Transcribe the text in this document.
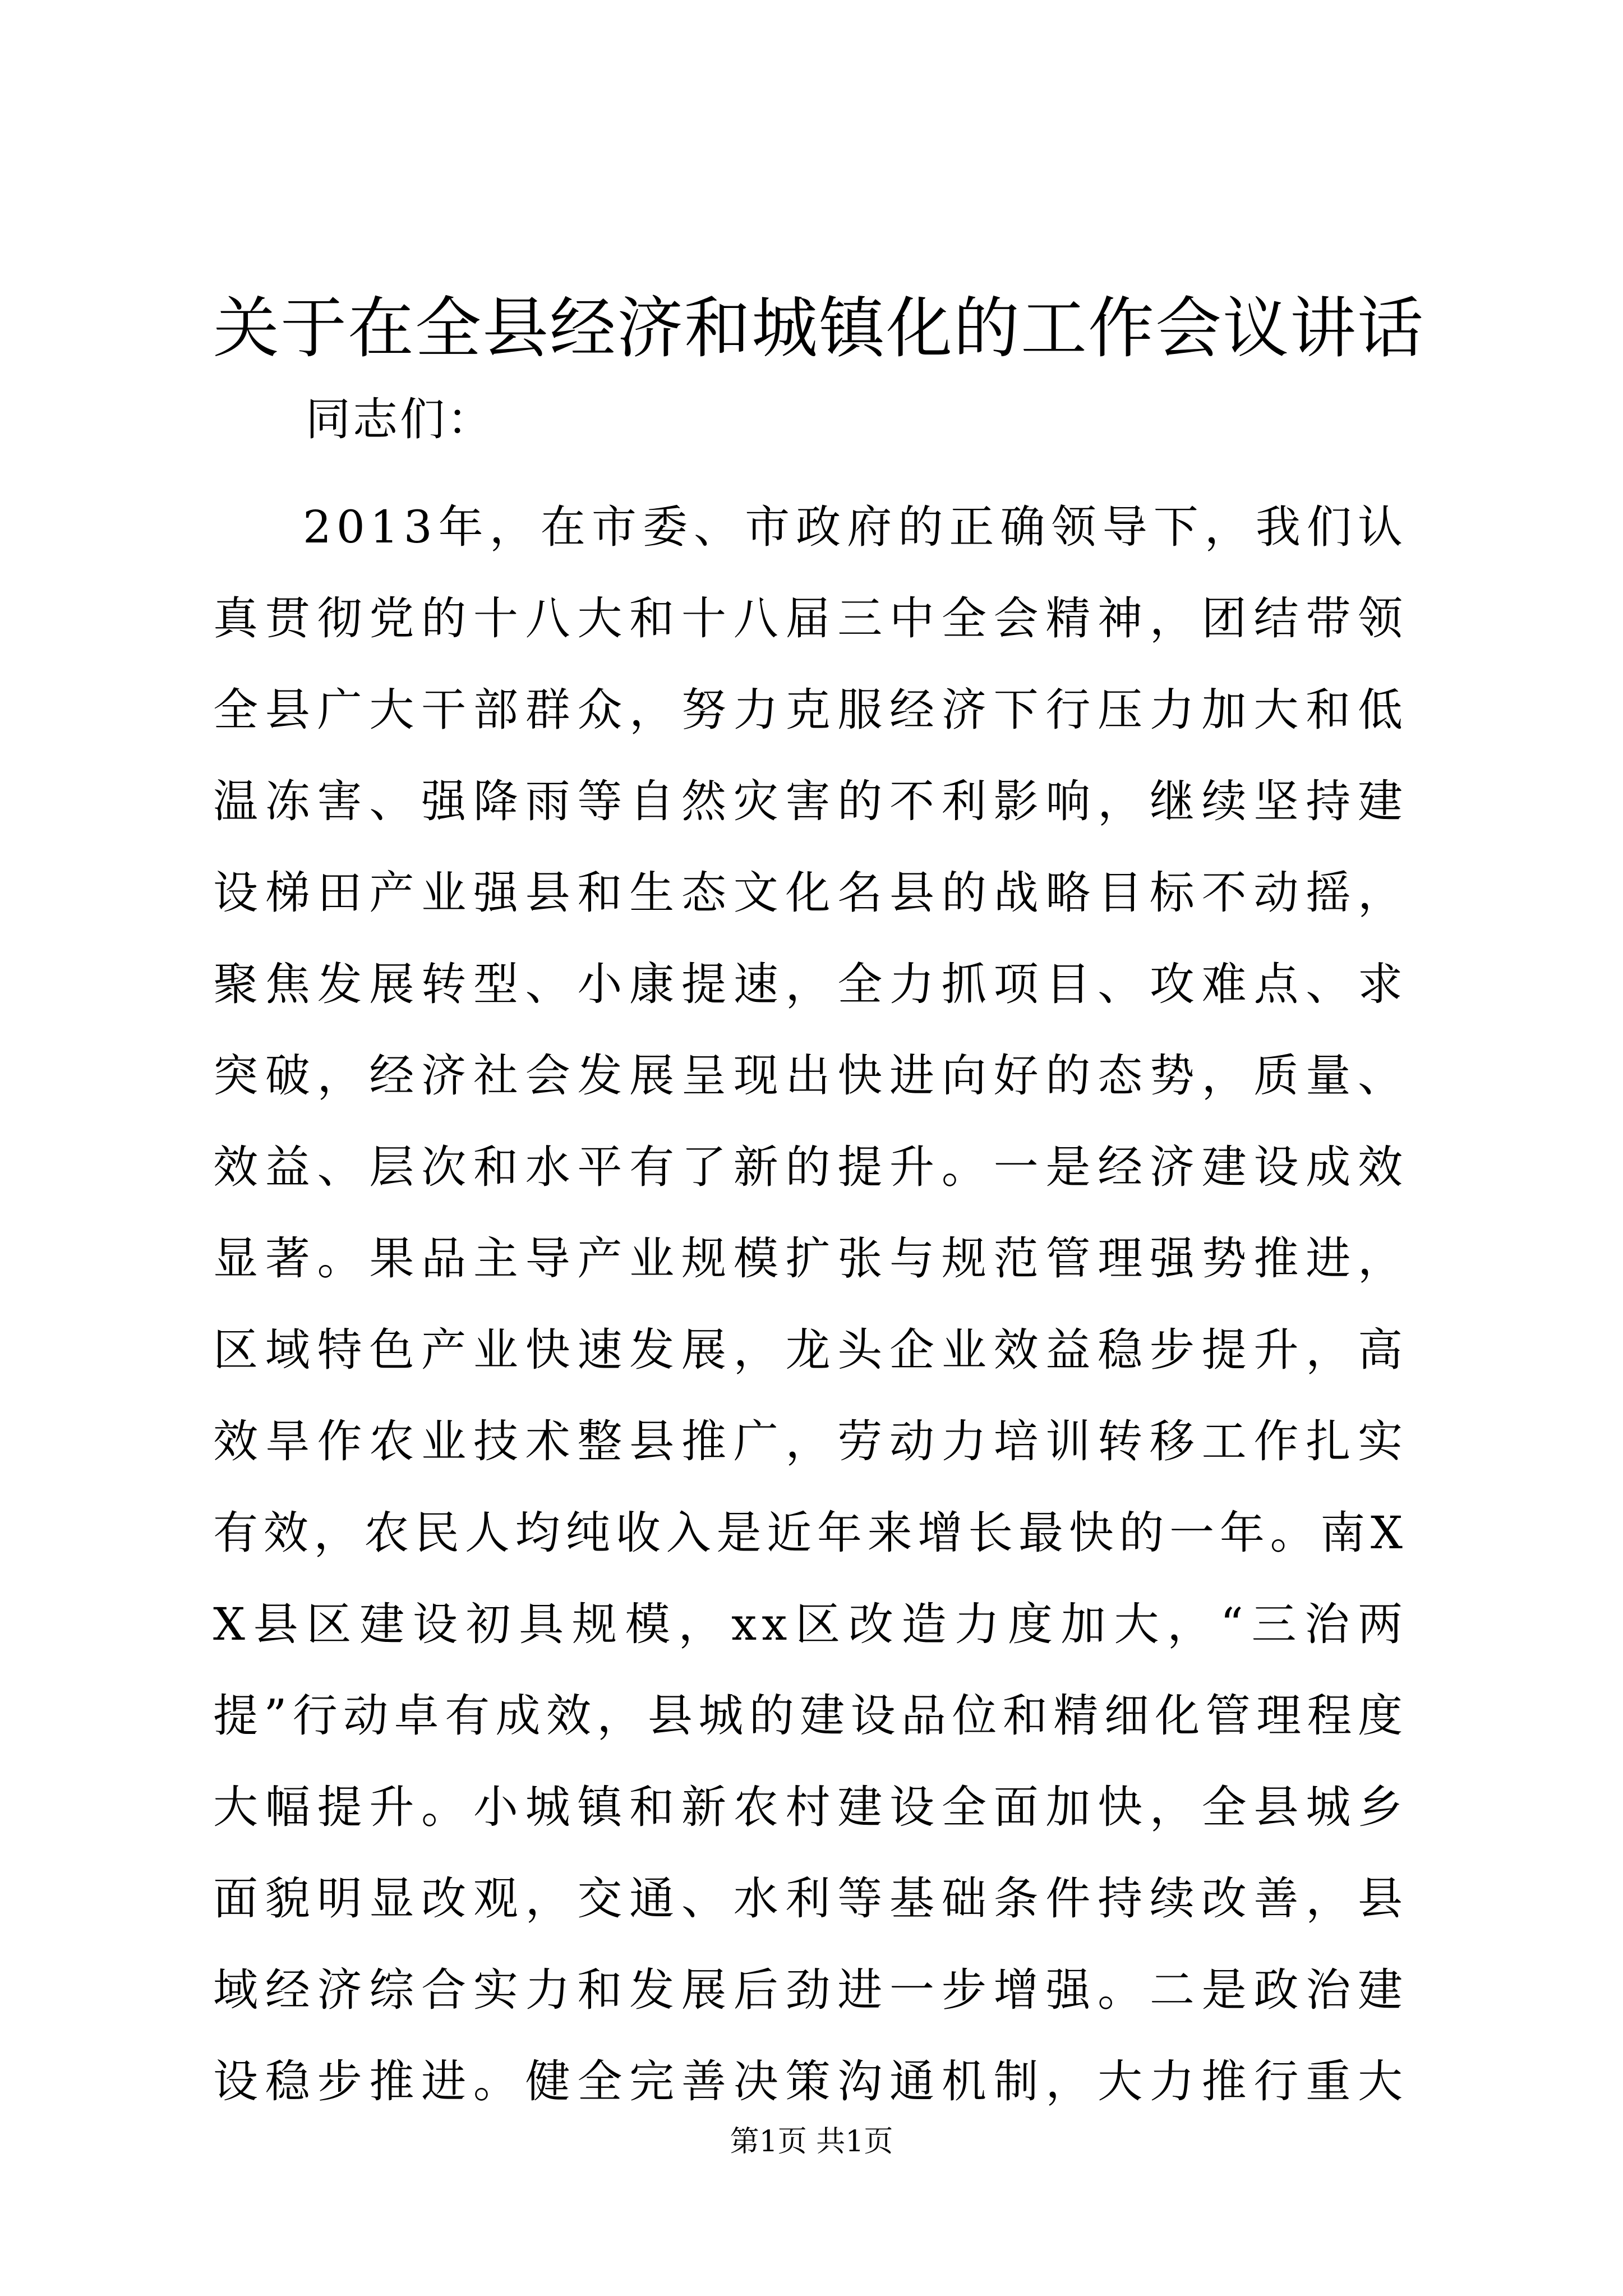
关于在全县经济和城镇化的工作会议讲话

同志们：

2013年，在市委、市政府的正确领导下，我们认真贯彻党的十八大和十八届三中全会精神，团结带领全县广大干部群众，努力克服经济下行压力加大和低温冻害、强降雨等自然灾害的不利影响，继续坚持建设梯田产业强县和生态文化名县的战略目标不动摇，聚焦发展转型、小康提速，全力抓项目、攻难点、求突破，经济社会发展呈现出快进向好的态势，质量、效益、层次和水平有了新的提升。一是经济建设成效显著。果品主导产业规模扩张与规范管理强势推进，区域特色产业快速发展，龙头企业效益稳步提升，高效旱作农业技术整县推广，劳动力培训转移工作扎实有效，农民人均纯收入是近年来增长最快的一年。南XX县区建设初具规模，xx区改造力度加大，“三治两提”行动卓有成效，县城的建设品位和精细化管理程度大幅提升。小城镇和新农村建设全面加快，全县城乡面貌明显改观，交通、水利等基础条件持续改善，县域经济综合实力和发展后劲进一步增强。二是政治建设稳步推进。健全完善决策沟通机制，大力推行重大

第1页 共1页
